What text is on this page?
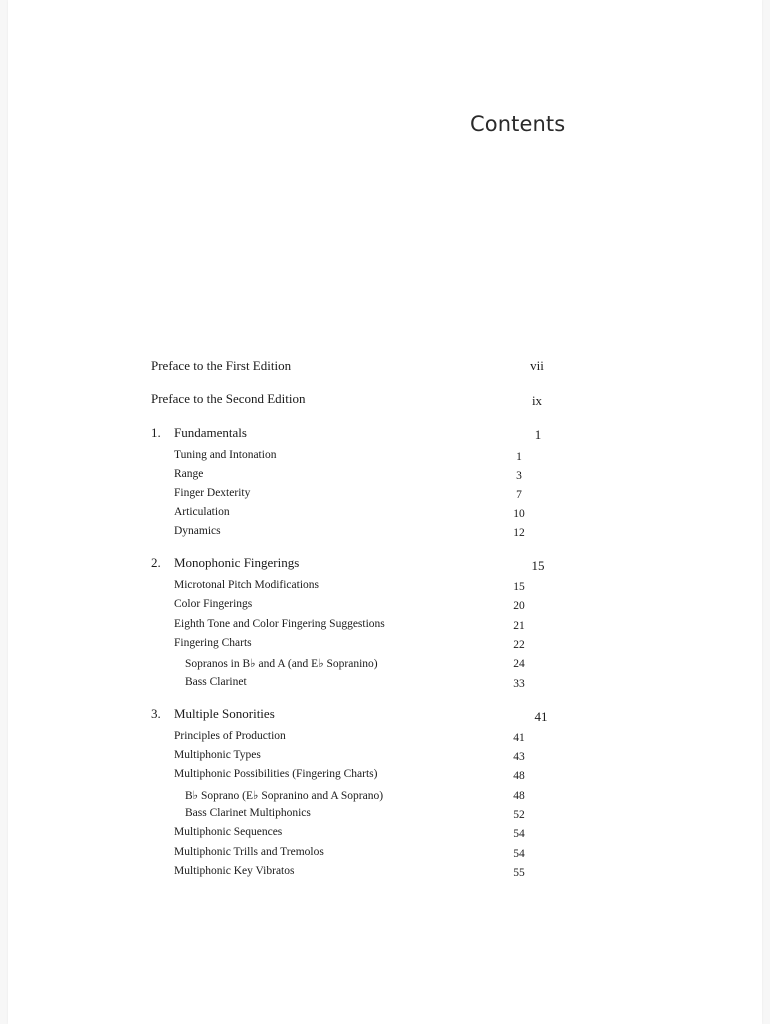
Contents
Preface to the First Edition	vii
Preface to the Second Edition	ix
1. Fundamentals	1
Tuning and Intonation	1
Range	3
Finger Dexterity	7
Articulation	10
Dynamics	12
2. Monophonic Fingerings	15
Microtonal Pitch Modifications	15
Color Fingerings	20
Eighth Tone and Color Fingering Suggestions	21
Fingering Charts	22
Sopranos in B♭ and A (and E♭ Sopranino)	24
Bass Clarinet	33
3. Multiple Sonorities	41
Principles of Production	41
Multiphonic Types	43
Multiphonic Possibilities (Fingering Charts)	48
B♭ Soprano (E♭ Sopranino and A Soprano)	48
Bass Clarinet Multiphonics	52
Multiphonic Sequences	54
Multiphonic Trills and Tremolos	54
Multiphonic Key Vibratos	55
